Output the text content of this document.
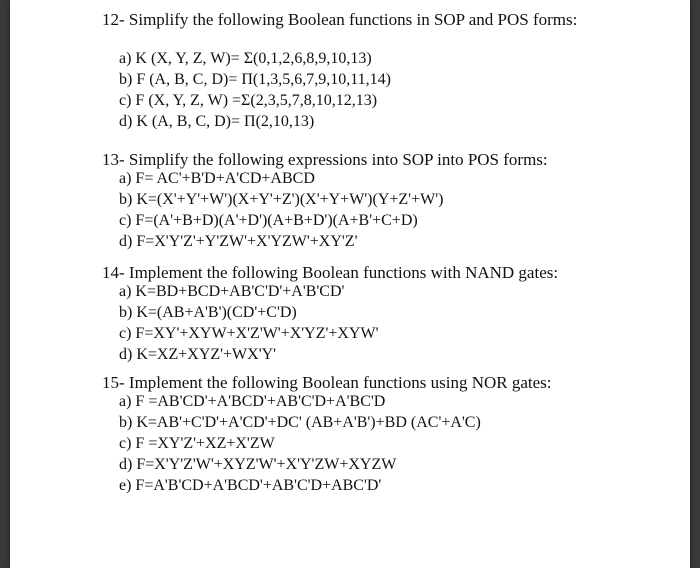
12- Simplify the following Boolean functions in SOP and POS forms:
a) K (X, Y, Z, W)= Σ(0,1,2,6,8,9,10,13)
b) F (A, B, C, D)= Π(1,3,5,6,7,9,10,11,14)
c) F (X, Y, Z, W) =Σ(2,3,5,7,8,10,12,13)
d) K (A, B, C, D)= Π(2,10,13)
13- Simplify the following expressions into SOP into POS forms:
a) F= AC'+B'D+A'CD+ABCD
b) K=(X'+Y'+W')(X+Y'+Z')(X'+Y+W')(Y+Z'+W')
c) F=(A'+B+D)(A'+D')(A+B+D')(A+B'+C+D)
d) F=X'Y'Z'+Y'ZW'+X'YZW'+XY'Z'
14- Implement the following Boolean functions with NAND gates:
a) K=BD+BCD+AB'C'D'+A'B'CD'
b) K=(AB+A'B')(CD'+C'D)
c) F=XY'+XYW+X'Z'W'+X'YZ'+XYW'
d) K=XZ+XYZ'+WX'Y'
15- Implement the following Boolean functions using NOR gates:
a) F =AB'CD'+A'BCD'+AB'C'D+A'BC'D
b) K=AB'+C'D'+A'CD'+DC' (AB+A'B')+BD (AC'+A'C)
c) F =XY'Z'+XZ+X'ZW
d) F=X'Y'Z'W'+XYZ'W'+X'Y'ZW+XYZW
e) F=A'B'CD+A'BCD'+AB'C'D+ABC'D'
